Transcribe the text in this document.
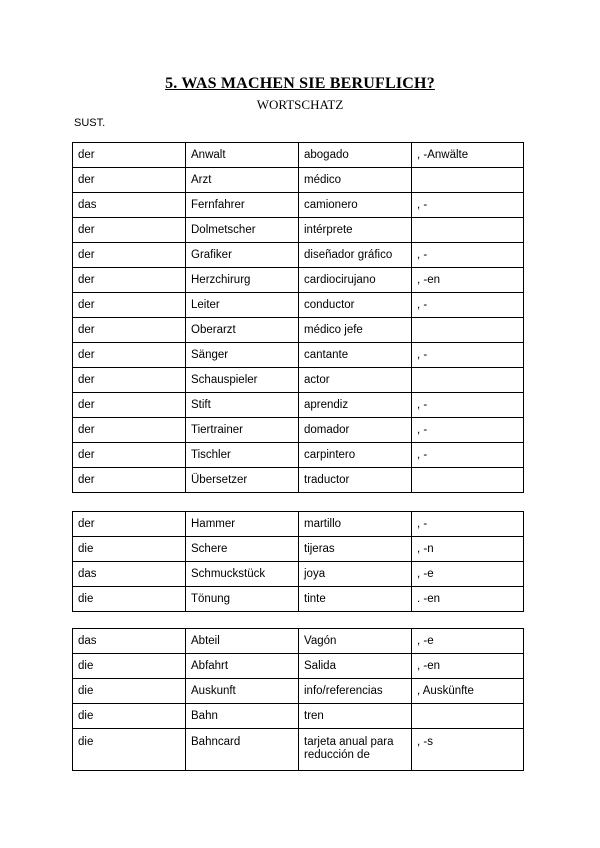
5. WAS MACHEN SIE BERUFLICH?
WORTSCHATZ
SUST.
der	Anwalt	abogado	, -Anwälte
der	Arzt	médico	
das	Fernfahrer	camionero	, -
der	Dolmetscher	intérprete	
der	Grafiker	diseñador gráfico	, -
der	Herzchirurg	cardiocirujano	, -en
der	Leiter	conductor	, -
der	Oberarzt	médico jefe	
der	Sänger	cantante	, -
der	Schauspieler	actor	
der	Stift	aprendiz	, -
der	Tiertrainer	domador	, -
der	Tischler	carpintero	, -
der	Übersetzer	traductor	
der	Hammer	martillo	, -
die	Schere	tijeras	, -n
das	Schmuckstück	joya	, -e
die	Tönung	tinte	. -en
das	Abteil	Vagón	, -e
die	Abfahrt	Salida	, -en
die	Auskunft	info/referencias	, Auskünfte
die	Bahn	tren	
die	Bahncard	tarjeta anual para reducción de	, -s
